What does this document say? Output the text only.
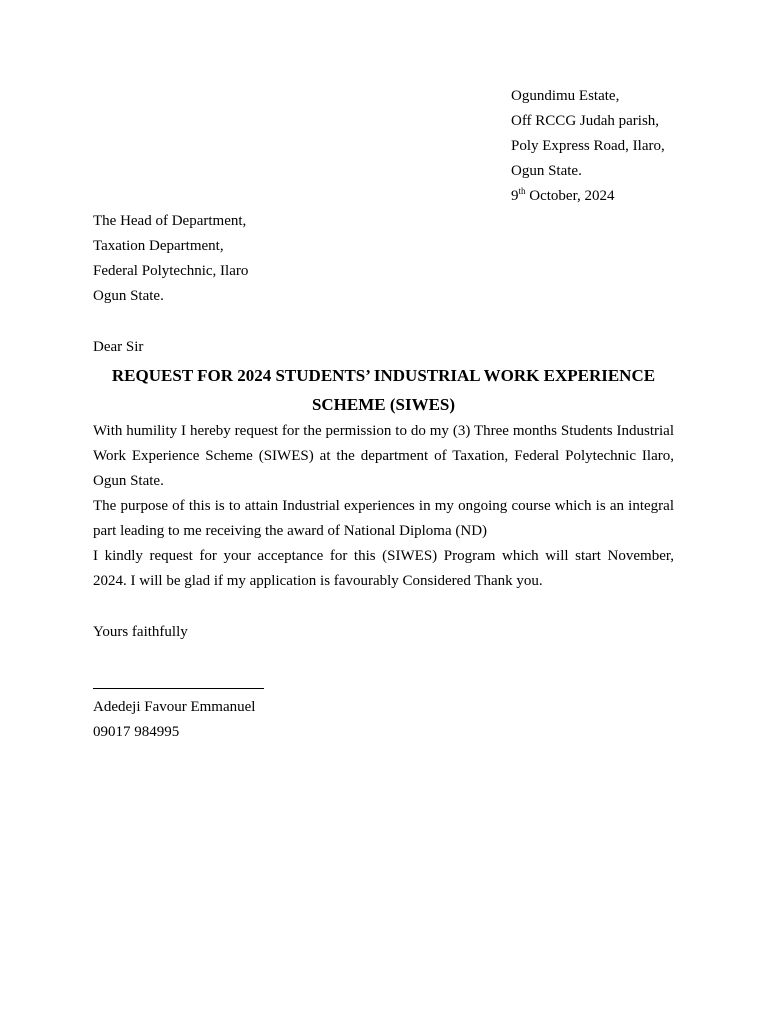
Ogundimu Estate,
Off RCCG Judah parish,
Poly Express Road, Ilaro,
Ogun State.
9th October, 2024
The Head of Department,
Taxation Department,
Federal Polytechnic, Ilaro
Ogun State.
Dear Sir
REQUEST FOR 2024 STUDENTS’ INDUSTRIAL WORK EXPERIENCE SCHEME (SIWES)

With humility I hereby request for the permission to do my (3) Three months Students Industrial Work Experience Scheme (SIWES) at the department of Taxation, Federal Polytechnic Ilaro, Ogun State.

The purpose of this is to attain Industrial experiences in my ongoing course which is an integral part leading to me receiving the award of National Diploma (ND)

I kindly request for your acceptance for this (SIWES) Program which will start November, 2024. I will be glad if my application is favourably Considered Thank you.

Yours faithfully
Adedeji Favour Emmanuel
09017 984995
